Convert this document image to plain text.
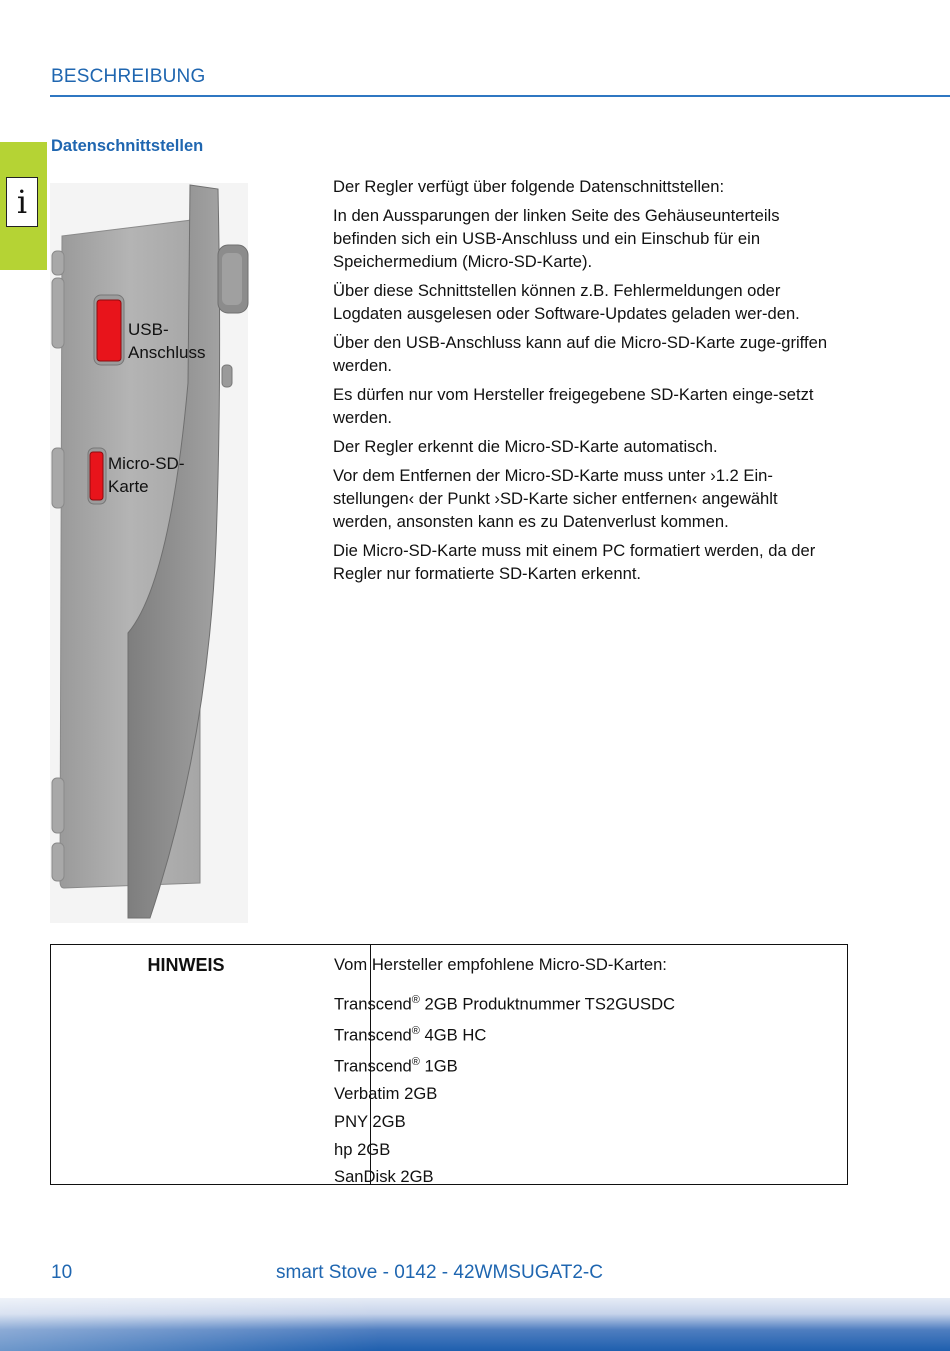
BESCHREIBUNG
i
Datenschnittstellen
USB-
Anschluss
Micro-SD-
Karte

Der Regler verfügt über folgende Datenschnittstellen:

In den Aussparungen der linken Seite des Gehäuseunterteils befinden sich ein USB-Anschluss und ein Einschub für ein Speichermedium (Micro-SD-Karte).

Über diese Schnittstellen können z.B. Fehlermeldungen oder Logdaten ausgelesen oder Software-Updates geladen wer-den.

Über den USB-Anschluss kann auf die Micro-SD-Karte zuge-griffen werden.

Es dürfen nur vom Hersteller freigegebene SD-Karten einge-setzt werden.

Der Regler erkennt die Micro-SD-Karte automatisch.

Vor dem Entfernen der Micro-SD-Karte muss unter ›1.2 Ein-stellungen‹ der Punkt ›SD-Karte sicher entfernen‹ angewählt werden, ansonsten kann es zu Datenverlust kommen.

Die Micro-SD-Karte muss mit einem PC formatiert werden, da der Regler nur formatierte SD-Karten erkennt.

HINWEIS	Vom Hersteller empfohlene Micro-SD-Karten:
Transcend® 2GB Produktnummer TS2GUSDC
Transcend® 4GB HC
Transcend® 1GB
Verbatim 2GB
PNY 2GB
hp 2GB
SanDisk 2GB
10	smart Stove - 0142 - 42WMSUGAT2-C
